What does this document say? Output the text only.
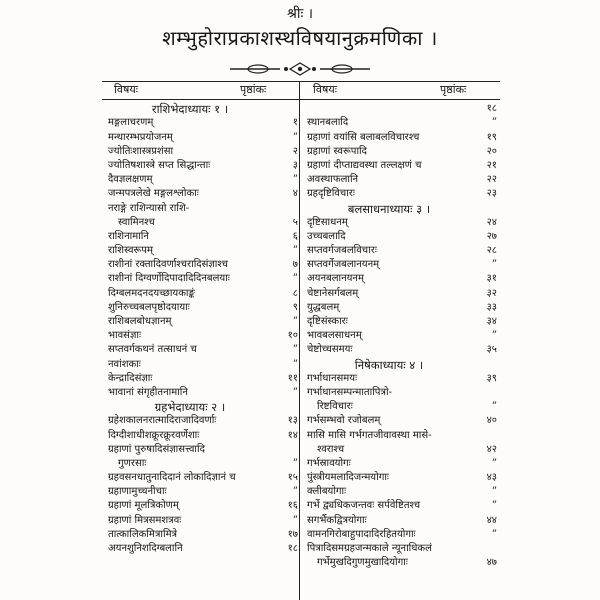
श्रीः ।
शम्भुहोराप्रकाशस्थविषयानुक्रमणिका ।
विषयः	पृष्ठांकः	विषयः	पृष्ठांकः
राशिभेदाध्यायः १ ।
मङ्गलाचरणम्	१
मन्थारम्भप्रयोजनम्	”
ज्योतिःशास्त्रप्रशंसा	२
ज्योतिषशास्त्रे सप्त सिद्धान्ताः	३
दैवज्ञलक्षणम्	”
जन्मपत्रलेखे मङ्गलश्लोकाः	४
नराङ्गे राशिन्यासो राशि-
स्वामिनश्च	५
राशिनामानि	६
राशिस्वरूपम्	”
राशीनां रक्तादिवर्णाश्चरादिसंज्ञाश्च	७
राशीनां दिग्वर्णोदिपादादिदिनबलयाः	”
दिग्बलमदनदयच्छायकाङ्कं	८
शुनिरुच्चबलपृष्ठोदयायाः	९
राशिबलबोधज्ञानम्	”
भावसंज्ञाः	१०
सप्तवर्गकथनं तत्साधनं च	”
नवांशकाः	”
केन्द्रादिसंज्ञाः	११
भावानां संगृहीतनामानि	”
ग्रहभेदाध्यायः २ ।
ग्रहेशकालनरात्मादिराजादिवर्णाः	१३
दिग्दीशाधीशक्रूरक्रूरवर्णेशाः	१४
ग्रहाणां पुरुषादिसंज्ञासत्त्वादि
गुणरसाः	”
ग्रहवसनधातुनादिदानं लोकादिज्ञानं च	१५
ग्रहाणामुच्चनीचाः	”
ग्रहाणां मूलत्रिकोणम्	१६
ग्रहाणां मित्रसमशत्रवः	”
तात्कालिकमित्रामित्रे	१७
अयनशुनिशदिग्बलानि	१८
१८
स्थानबलादि	”
ग्रहाणां वयांसि बलाबलविचारश्च	१९
ग्रहाणां स्वरूपादि	२०
ग्रहाणां दीप्ताद्यवस्था तल्लक्षणं च	२१
अवस्थाफलानि	२२
ग्रहदृष्टिविचारः	२३
बलसाधनाध्यायः ३ ।
दृष्टिसाधनम्	२४
उच्चबलादि	२७
सप्तवर्गजबलविचारः	२८
सप्तवर्गेजबलानयनम्	”
अयनबलानयनम्	३१
चेष्टानेसर्गबलम्	३२
युद्धबलम्	३३
दृष्टिसंस्कारः	३४
भावबलसाधनम्	”
चेष्टोच्चसमयः	३५
निषेकाध्यायः ४ ।
गर्भाधानसमयः	३९
गर्भाधानसम्पन्मातापित्रो-
रिष्टविचारः	”
गर्भसम्भवो रजोबलम्	४०
मासि मासि गर्भगतजीवावस्था मासे-
श्वराश्च	४२
गर्भस्रावयोगः	”
पुंस्त्रीयमलादिजन्मयोगाः	४३
क्लीबयोगाः	”
गर्भे द्व्यधिकजन्तवः सर्पवेष्टितश्च	”
सगर्भैकद्वित्रयोगाः	४४
वामनगिरोबाहुपादादिरहितयोगाः	”
पित्रादिसमग्रहजन्मकाले न्यूनाधिकलं
गर्भेमुखदिगुणमुखादियोगाः	४७
